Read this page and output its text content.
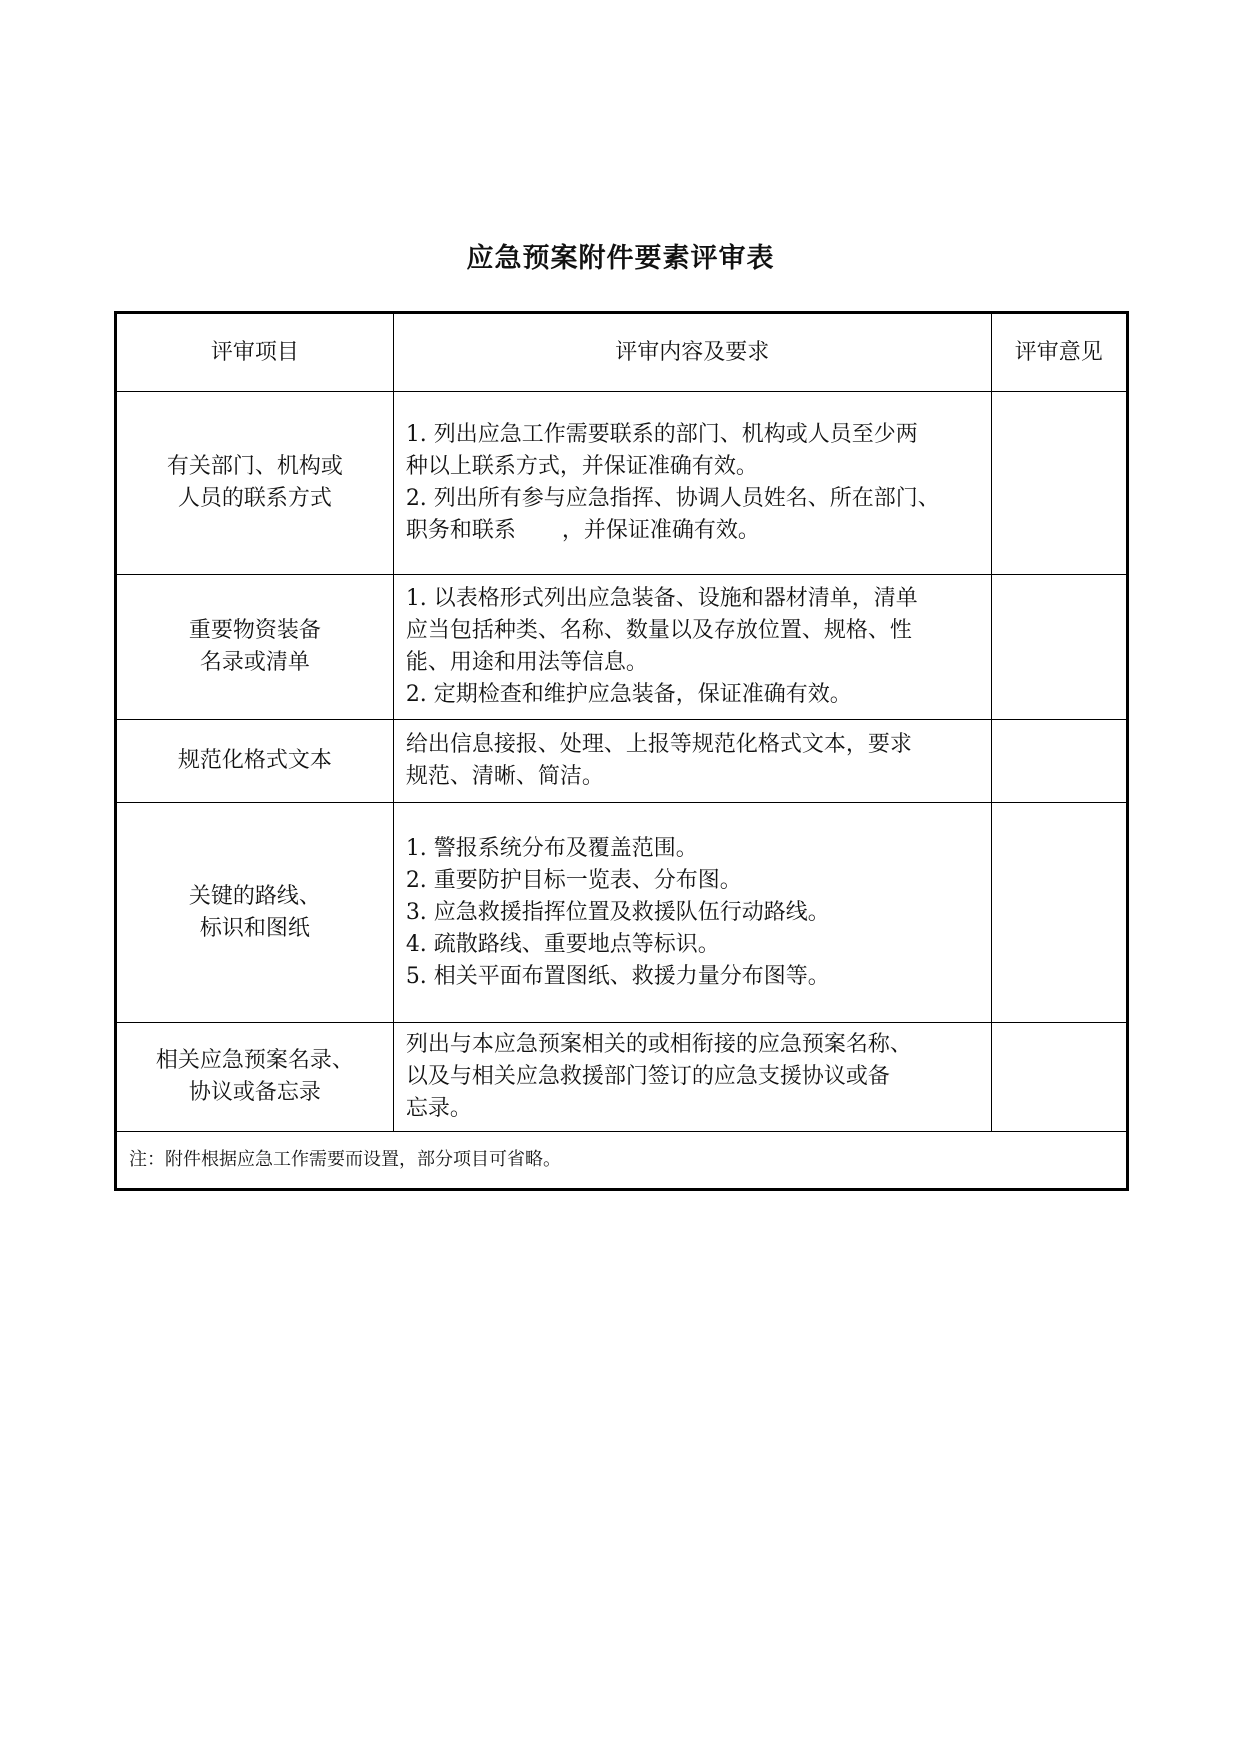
应急预案附件要素评审表
评审项目	评审内容及要求	评审意见

有关部门、机构或
人员的联系方式	1. 列出应急工作需要联系的部门、机构或人员至少两
种以上联系方式，并保证准确有效。
2. 列出所有参与应急指挥、协调人员姓名、所在部门、
职务和联系 ，并保证准确有效。	

重要物资装备
名录或清单	1. 以表格形式列出应急装备、设施和器材清单，清单
应当包括种类、名称、数量以及存放位置、规格、性
能、用途和用法等信息。
2. 定期检查和维护应急装备，保证准确有效。	

规范化格式文本	给出信息接报、处理、上报等规范化格式文本，要求
规范、清晰、简洁。	

关键的路线、
标识和图纸	1. 警报系统分布及覆盖范围。
2. 重要防护目标一览表、分布图。
3. 应急救援指挥位置及救援队伍行动路线。
4. 疏散路线、重要地点等标识。
5. 相关平面布置图纸、救援力量分布图等。	

相关应急预案名录、
协议或备忘录	列出与本应急预案相关的或相衔接的应急预案名称、
以及与相关应急救援部门签订的应急支援协议或备
忘录。	

注：附件根据应急工作需要而设置，部分项目可省略。		
